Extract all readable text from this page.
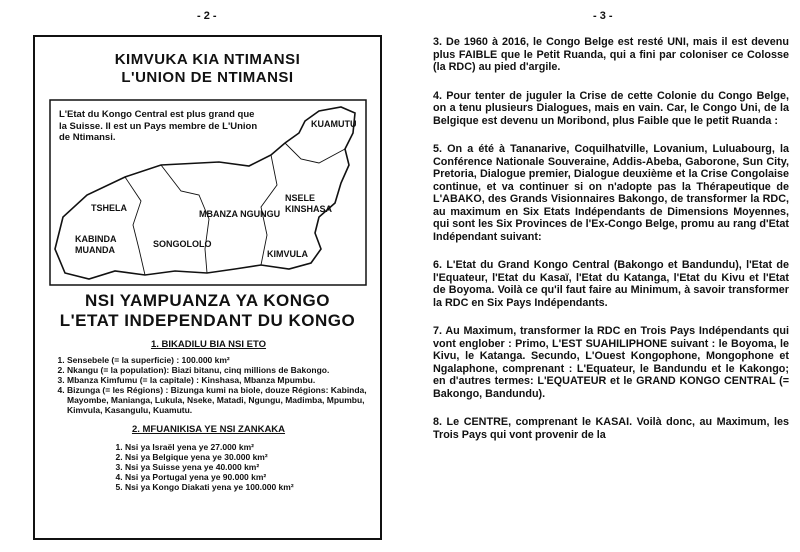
- 2 -	- 3 -
KIMVUKA KIA NTIMANSI
L'UNION DE NTIMANSI
L'Etat du Kongo Central est plus grand que la Suisse. Il est un Pays membre de L'Union de Ntimansi.
KUAMUTU
NSELE
KINSHASA
TSHELA
MBANZA NGUNGU
KABINDA
MUANDA
SONGOLOLO
KIMVULA
NSI YAMPUANZA YA KONGO
L'ETAT INDEPENDANT DU KONGO
1. BIKADILU BIA NSI ETO
1. Sensebele (= la superficie) : 100.000 km²
2. Nkangu (= la population): Biazi bitanu, cinq millions de Bakongo.
3. Mbanza Kimfumu (= la capitale) : Kinshasa, Mbanza Mpumbu.
4. Bizunga (= les Régions) : Bizunga kumi na biole, douze Régions: Kabinda, Mayombe, Manianga, Lukula, Nseke, Matadi, Ngungu, Madimba, Mpumbu, Kimvula, Kasangulu, Kuamutu.
2. MFUANIKISA YE NSI ZANKAKA
1. Nsi ya Israël yena ye 27.000 km²
2. Nsi ya Belgique yena ye 30.000 km²
3. Nsi ya Suisse yena ye 40.000 km²
4. Nsi ya Portugal yena ye 90.000 km²
5. Nsi ya Kongo Diakati yena ye 100.000 km²

3. De 1960 à 2016, le Congo Belge est resté UNI, mais il est devenu plus FAIBLE que le Petit Ruanda, qui a fini par coloniser ce Colosse (la RDC) au pied d'argile.

4. Pour tenter de juguler la Crise de cette Colonie du Congo Belge, on a tenu plusieurs Dialogues, mais en vain. Car, le Congo Uni, de la Belgique est devenu un Moribond, plus Faible que le petit Ruanda :

5. On a été à Tananarive, Coquilhatville, Lovanium, Luluabourg, la Conférence Nationale Souveraine, Addis-Abeba, Gaborone, Sun City, Pretoria, Dialogue premier, Dialogue deuxième et la Crise Congolaise continue, et va continuer si on n'adopte pas la Thérapeutique de L'ABAKO, des Grands Visionnaires Bakongo, de transformer la RDC, au maximum en Six Etats Indépendants de Dimensions Moyennes, qui sont les Six Provinces de l'Ex-Congo Belge, promu au rang d'Etat Indépendant suivant:

6. L'Etat du Grand Kongo Central (Bakongo et Bandundu), l'Etat de l'Equateur, l'Etat du Kasaï, l'Etat du Katanga, l'Etat du Kivu et l'Etat de Boyoma. Voilà ce qu'il faut faire au Minimum, à savoir transformer la RDC en Six Pays Indépendants.

7. Au Maximum, transformer la RDC en Trois Pays Indépendants qui vont englober : Primo, L'EST SUAHILIPHONE suivant : le Boyoma, le Kivu, le Katanga. Secundo, L'Ouest Kongophone, Mongophone et Ngalaphone, comprenant : L'Equateur, le Bandundu et le Kakongo; en d'autres termes: L'EQUATEUR et le GRAND KONGO CENTRAL (= Bakongo, Bandundu).

8. Le CENTRE, comprenant le KASAI. Voilà donc, au Maximum, les Trois Pays qui vont provenir de la
